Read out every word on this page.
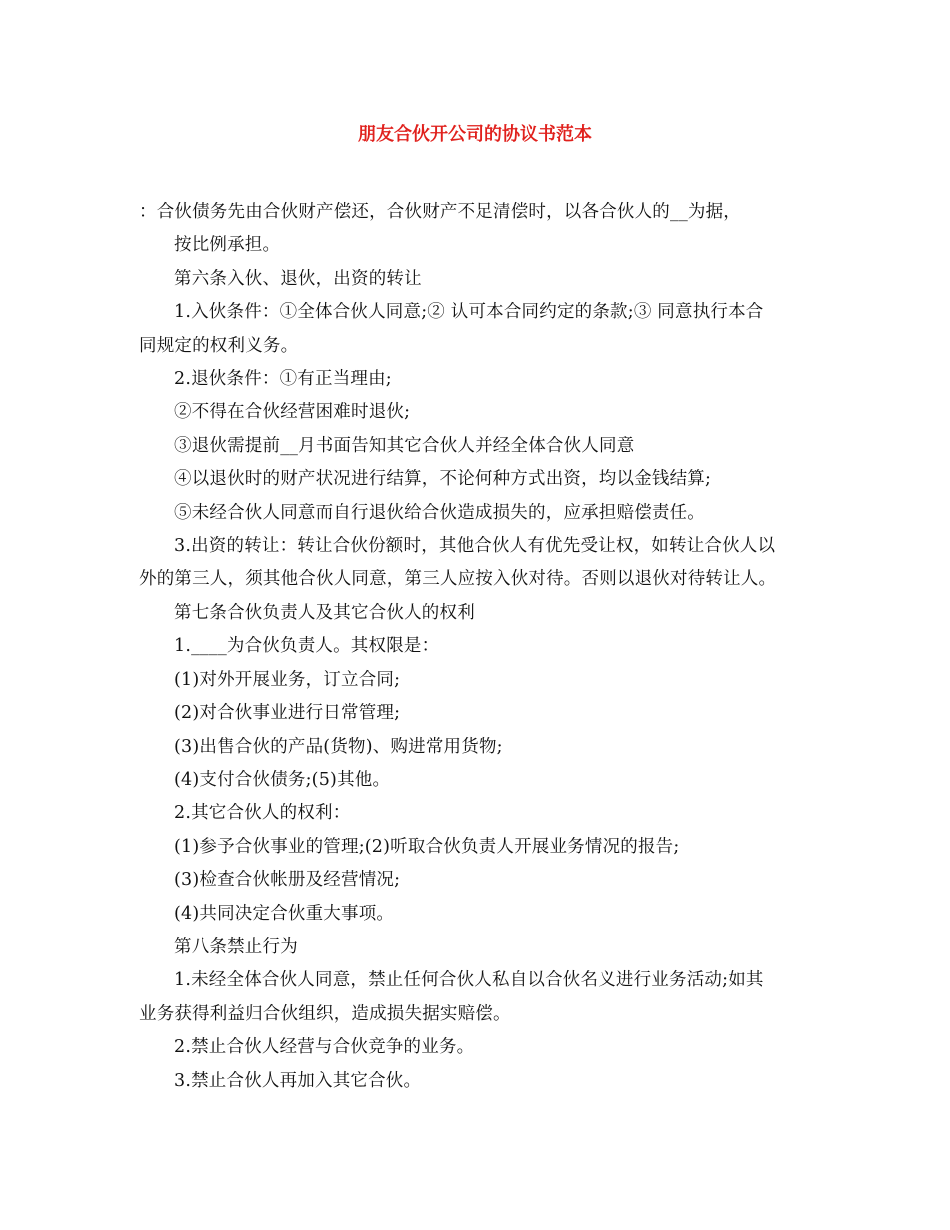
朋友合伙开公司的协议书范本

：合伙债务先由合伙财产偿还，合伙财产不足清偿时，以各合伙人的__为据，

按比例承担。

第六条入伙、退伙，出资的转让

1.入伙条件：①全体合伙人同意;② 认可本合同约定的条款;③ 同意执行本合

同规定的权利义务。

2.退伙条件：①有正当理由;

②不得在合伙经营困难时退伙;

③退伙需提前__月书面告知其它合伙人并经全体合伙人同意

④以退伙时的财产状况进行结算，不论何种方式出资，均以金钱结算;

⑤未经合伙人同意而自行退伙给合伙造成损失的，应承担赔偿责任。

3.出资的转让：转让合伙份额时，其他合伙人有优先受让权，如转让合伙人以

外的第三人，须其他合伙人同意，第三人应按入伙对待。否则以退伙对待转让人。

第七条合伙负责人及其它合伙人的权利

1.____为合伙负责人。其权限是：

(1)对外开展业务，订立合同;

(2)对合伙事业进行日常管理;

(3)出售合伙的产品(货物)、购进常用货物;

(4)支付合伙债务;(5)其他。

2.其它合伙人的权利：

(1)参予合伙事业的管理;(2)听取合伙负责人开展业务情况的报告;

(3)检查合伙帐册及经营情况;

(4)共同决定合伙重大事项。

第八条禁止行为

1.未经全体合伙人同意，禁止任何合伙人私自以合伙名义进行业务活动;如其

业务获得利益归合伙组织，造成损失据实赔偿。

2.禁止合伙人经营与合伙竞争的业务。

3.禁止合伙人再加入其它合伙。
